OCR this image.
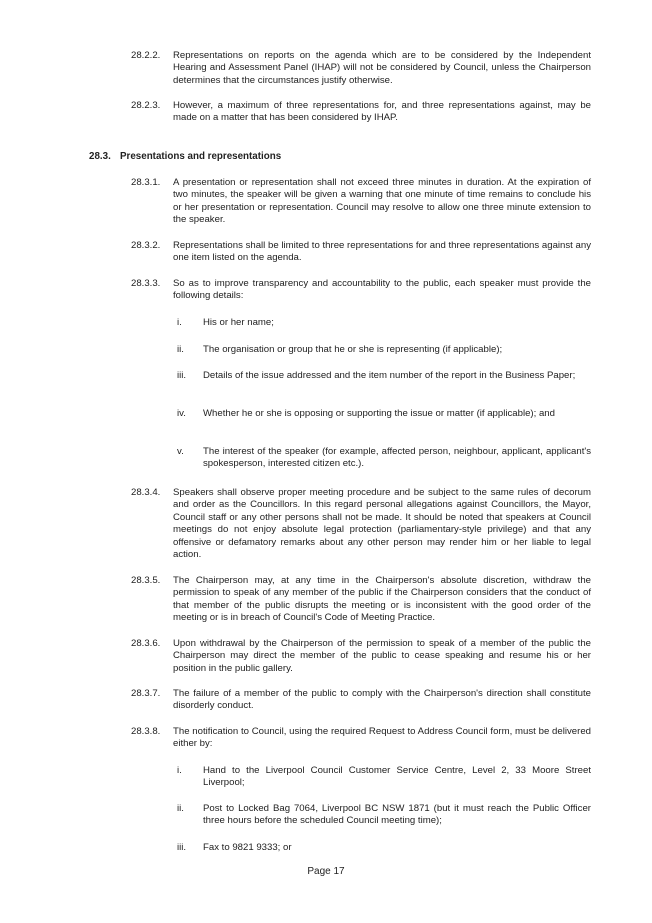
28.2.2. Representations on reports on the agenda which are to be considered by the Independent Hearing and Assessment Panel (IHAP) will not be considered by Council, unless the Chairperson determines that the circumstances justify otherwise.

28.2.3. However, a maximum of three representations for, and three representations against, may be made on a matter that has been considered by IHAP.

28.3. Presentations and representations
28.3.1. A presentation or representation shall not exceed three minutes in duration. At the expiration of two minutes, the speaker will be given a warning that one minute of time remains to conclude his or her presentation or representation. Council may resolve to allow one three minute extension to the speaker.

28.3.2. Representations shall be limited to three representations for and three representations against any one item listed on the agenda.

28.3.3. So as to improve transparency and accountability to the public, each speaker must provide the following details:

i. His or her name;

ii. The organisation or group that he or she is representing (if applicable);

iii. Details of the issue addressed and the item number of the report in the Business Paper;

iv. Whether he or she is opposing or supporting the issue or matter (if applicable); and

v. The interest of the speaker (for example, affected person, neighbour, applicant, applicant's spokesperson, interested citizen etc.).

28.3.4. Speakers shall observe proper meeting procedure and be subject to the same rules of decorum and order as the Councillors. In this regard personal allegations against Councillors, the Mayor, Council staff or any other persons shall not be made. It should be noted that speakers at Council meetings do not enjoy absolute legal protection (parliamentary-style privilege) and that any offensive or defamatory remarks about any other person may render him or her liable to legal action.

28.3.5. The Chairperson may, at any time in the Chairperson's absolute discretion, withdraw the permission to speak of any member of the public if the Chairperson considers that the conduct of that member of the public disrupts the meeting or is inconsistent with the good order of the meeting or is in breach of Council's Code of Meeting Practice.

28.3.6. Upon withdrawal by the Chairperson of the permission to speak of a member of the public the Chairperson may direct the member of the public to cease speaking and resume his or her position in the public gallery.

28.3.7. The failure of a member of the public to comply with the Chairperson's direction shall constitute disorderly conduct.

28.3.8. The notification to Council, using the required Request to Address Council form, must be delivered either by:

i. Hand to the Liverpool Council Customer Service Centre, Level 2, 33 Moore Street Liverpool;

ii. Post to Locked Bag 7064, Liverpool BC NSW 1871 (but it must reach the Public Officer three hours before the scheduled Council meeting time);

iii. Fax to 9821 9333; or

Page 17
